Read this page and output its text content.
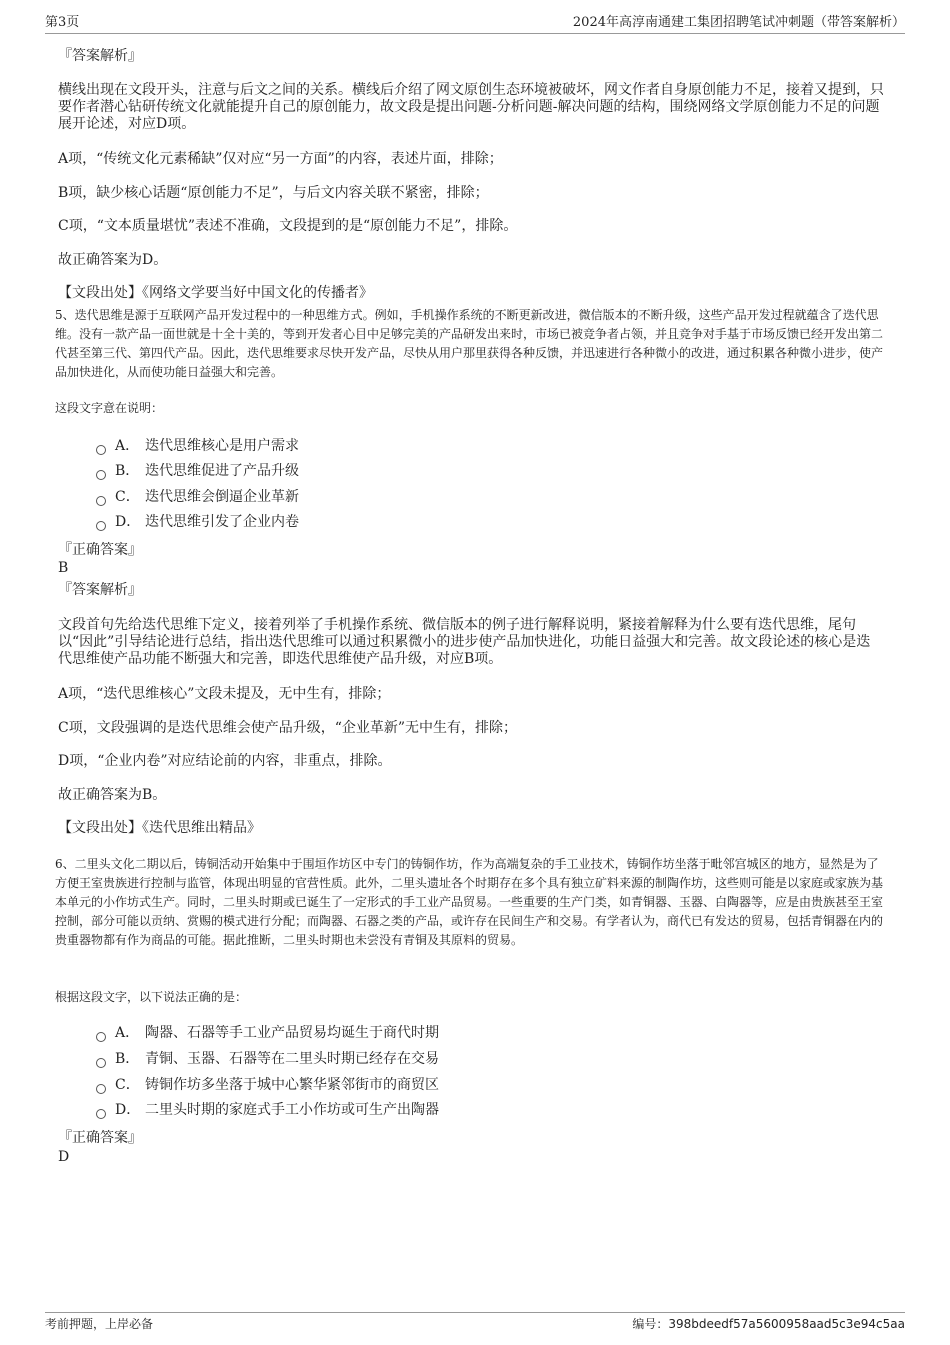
第3页	2024年高淳南通建工集团招聘笔试冲刺题（带答案解析）
『答案解析』
横线出现在文段开头，注意与后文之间的关系。横线后介绍了网文原创生态环境被破坏，网文作者自身原创能力不足，接着又提到，只要作者潜心钻研传统文化就能提升自己的原创能力，故文段是提出问题-分析问题-解决问题的结构，围绕网络文学原创能力不足的问题展开论述，对应D项。
A项，“传统文化元素稀缺”仅对应“另一方面”的内容，表述片面，排除；
B项，缺少核心话题“原创能力不足”，与后文内容关联不紧密，排除；
C项，“文本质量堪忧”表述不准确，文段提到的是“原创能力不足”，排除。
故正确答案为D。
【文段出处】《网络文学要当好中国文化的传播者》
5、迭代思维是源于互联网产品开发过程中的一种思维方式。例如，手机操作系统的不断更新改进，微信版本的不断升级，这些产品开发过程就蕴含了迭代思维。没有一款产品一面世就是十全十美的，等到开发者心目中足够完美的产品研发出来时，市场已被竞争者占领，并且竞争对手基于市场反馈已经开发出第二代甚至第三代、第四代产品。因此，迭代思维要求尽快开发产品，尽快从用户那里获得各种反馈，并迅速进行各种微小的改进，通过积累各种微小进步，使产品加快进化，从而使功能日益强大和完善。
这段文字意在说明：
A． 迭代思维核心是用户需求
B． 迭代思维促进了产品升级
C． 迭代思维会倒逼企业革新
D． 迭代思维引发了企业内卷
『正确答案』
B
『答案解析』
文段首句先给迭代思维下定义，接着列举了手机操作系统、微信版本的例子进行解释说明，紧接着解释为什么要有迭代思维，尾句以“因此”引导结论进行总结，指出迭代思维可以通过积累微小的进步使产品加快进化，功能日益强大和完善。故文段论述的核心是迭代思维使产品功能不断强大和完善，即迭代思维使产品升级，对应B项。
A项，“迭代思维核心”文段未提及，无中生有，排除；
C项，文段强调的是迭代思维会使产品升级，“企业革新”无中生有，排除；
D项，“企业内卷”对应结论前的内容，非重点，排除。
故正确答案为B。
【文段出处】《迭代思维出精品》
6、二里头文化二期以后，铸铜活动开始集中于围垣作坊区中专门的铸铜作坊，作为高端复杂的手工业技术，铸铜作坊坐落于毗邻宫城区的地方，显然是为了方便王室贵族进行控制与监管，体现出明显的官营性质。此外，二里头遗址各个时期存在多个具有独立矿料来源的制陶作坊，这些则可能是以家庭或家族为基本单元的小作坊式生产。同时，二里头时期或已诞生了一定形式的手工业产品贸易。一些重要的生产门类，如青铜器、玉器、白陶器等，应是由贵族甚至王室控制，部分可能以贡纳、赏赐的模式进行分配；而陶器、石器之类的产品，或许存在民间生产和交易。有学者认为，商代已有发达的贸易，包括青铜器在内的贵重器物都有作为商品的可能。据此推断，二里头时期也未尝没有青铜及其原料的贸易。
根据这段文字，以下说法正确的是：
A． 陶器、石器等手工业产品贸易均诞生于商代时期
B． 青铜、玉器、石器等在二里头时期已经存在交易
C． 铸铜作坊多坐落于城中心繁华紧邻街市的商贸区
D． 二里头时期的家庭式手工小作坊或可生产出陶器
『正确答案』
D
考前押题，上岸必备	编号：398bdeedf57a5600958aad5c3e94c5aa
